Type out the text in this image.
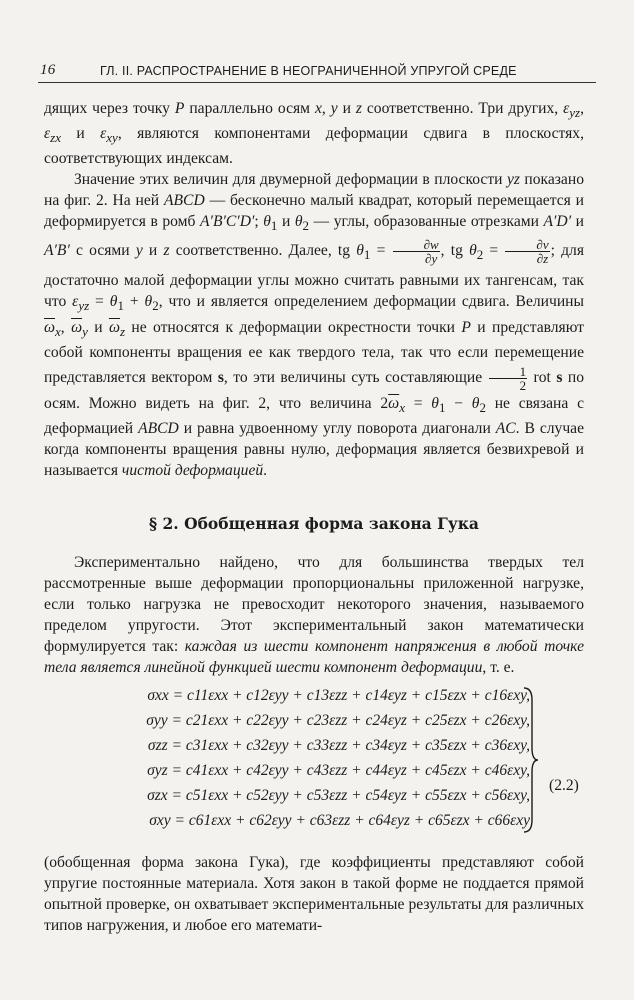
16	ГЛ. II. РАСПРОСТРАНЕНИЕ В НЕОГРАНИЧЕННОЙ УПРУГОЙ СРЕДЕ

дящих через точку P параллельно осям x, y и z соответственно. Три других, $\varepsilon_{yz}$, $\varepsilon_{zx}$ и $\varepsilon_{xy}$, являются компонентами деформации сдвига в плоскостях, соответствующих индексам.

Значение этих величин для двумерной деформации в плоскости yz показано на фиг. 2. На ней ABCD — бесконечно малый квадрат, который перемещается и деформируется в ромб A′B′C′D′; $\theta_1$ и $\theta_2$ — углы, образованные отрезками A′D′ и A′B′ с осями y и z соответственно. Далее, tg $\theta_1 = \frac{\partial w}{\partial y}$ , tg $\theta_2 = \frac{\partial v}{\partial z}$ ; для достаточно малой деформации углы можно считать равными их тангенсам, так что $\varepsilon_{yz} = \theta_1 + \theta_2$, что и является определением деформации сдвига. Величины $\overline{\omega}_x$, $\overline{\omega}_y$ и $\overline{\omega}_z$ не относятся к деформации окрестности точки P и представляют собой компоненты вращения ее как твердого тела, так что если перемещение представляется вектором s, то эти величины суть составляющие $\frac{1}{2}$ rot s по осям. Можно видеть на фиг. 2, что величина $2\overline{\omega}_x = \theta_1 - \theta_2$ не связана с деформацией ABCD и равна удвоенному углу поворота диагонали AC. В случае когда компоненты вращения равны нулю, деформация является безвихревой и называется чистой деформацией.

§ 2. Обобщенная форма закона Гука

Экспериментально найдено, что для большинства твердых тел рассмотренные выше деформации пропорциональны приложенной нагрузке, если только нагрузка не превосходит некоторого значения, называемого пределом упругости. Этот экспериментальный закон математически формулируется так: каждая из шести компонент напряжения в любой точке тела является линейной функцией шести компонент деформации, т. е.

σxx = c11εxx + c12εyy + c13εzz + c14εyz + c15εzx + c16εxy,
σyy = c21εxx + c22εyy + c23εzz + c24εyz + c25εzx + c26εxy,
σzz = c31εxx + c32εyy + c33εzz + c34εyz + c35εzx + c36εxy,
σyz = c41εxx + c42εyy + c43εzz + c44εyz + c45εzx + c46εxy,
σzx = c51εxx + c52εyy + c53εzz + c54εyz + c55εzx + c56εxy,
σxy = c61εxx + c62εyy + c63εzz + c64εyz + c65εzx + c66εxy
(2.2)
(обобщенная форма закона Гука), где коэффициенты представляют собой упругие постоянные материала. Хотя закон в такой форме не поддается прямой опытной проверке, он охватывает экспериментальные результаты для различных типов нагружения, и любое его математи-
